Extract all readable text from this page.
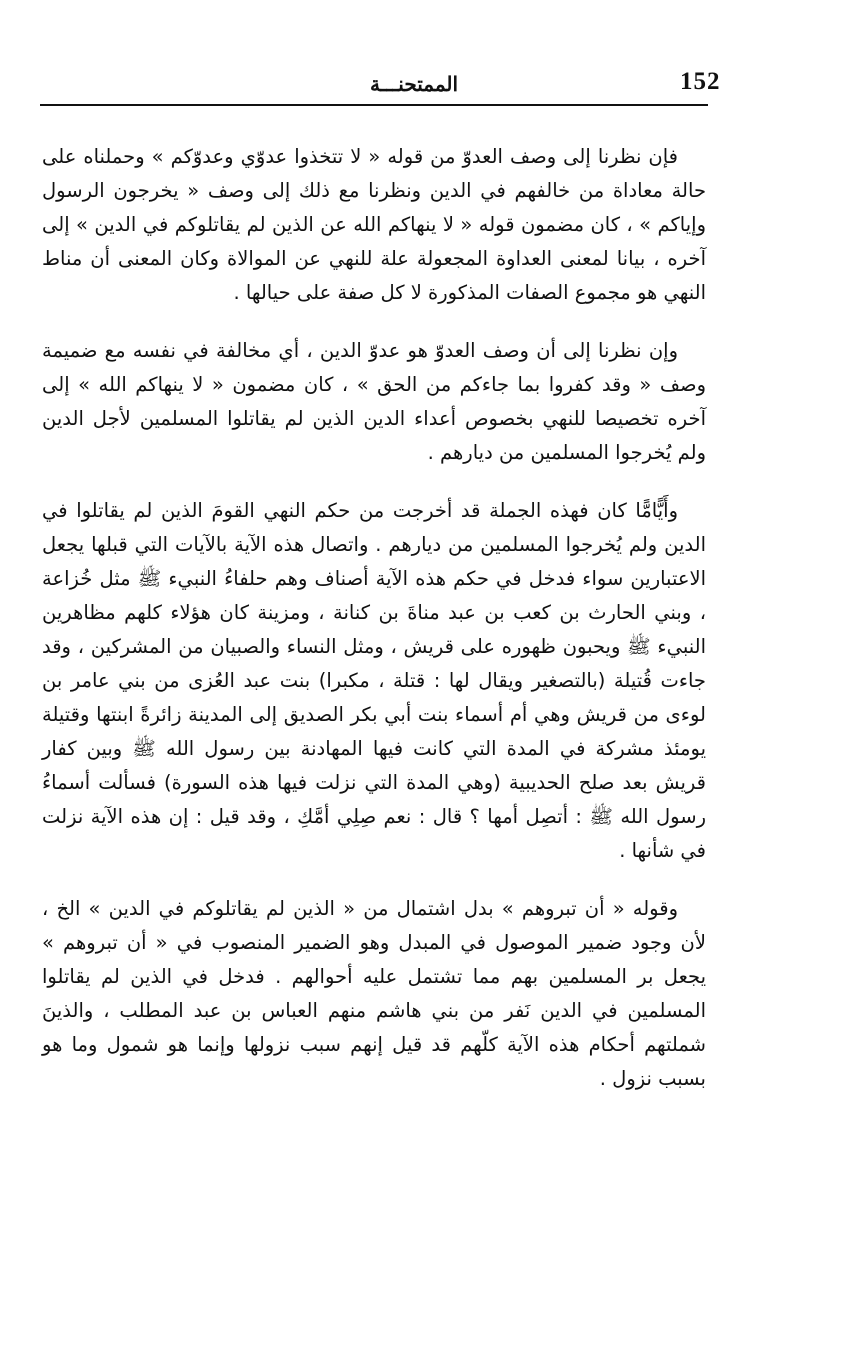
152
الممتحنـــة

فإن نظرنا إلى وصف العدوّ من قوله « لا تتخذوا عدوّي وعدوّكم » وحملناه على حالة معاداة من خالفهم في الدين ونظرنا مع ذلك إلى وصف « يخرجون الرسول وإياكم » ، كان مضمون قوله « لا ينهاكم الله عن الذين لم يقاتلوكم في الدين » إلى آخره ، بيانا لمعنى العداوة المجعولة علة للنهي عن الموالاة وكان المعنى أن مناط النهي هو مجموع الصفات المذكورة لا كل صفة على حيالها .

وإن نظرنا إلى أن وصف العدوّ هو عدوّ الدين ، أي مخالفة في نفسه مع ضميمة وصف « وقد كفروا بما جاءكم من الحق » ، كان مضمون « لا ينهاكم الله » إلى آخره تخصيصا للنهي بخصوص أعداء الدين الذين لم يقاتلوا المسلمين لأجل الدين ولم يُخرجوا المسلمين من ديارهم .

وأَيًّامًّا كان فهذه الجملة قد أخرجت من حكم النهي القومَ الذين لم يقاتلوا في الدين ولم يُخرجوا المسلمين من ديارهم . واتصال هذه الآية بالآيات التي قبلها يجعل الاعتبارين سواء فدخل في حكم هذه الآية أصناف وهم حلفاءُ النبيء ﷺ مثل خُزاعة ، وبني الحارث بن كعب بن عبد مناةَ بن كنانة ، ومزينة كان هؤلاء كلهم مظاهرين النبيء ﷺ ويحبون ظهوره على قريش ، ومثل النساء والصبيان من المشركين ، وقد جاءت قُتيلة (بالتصغير ويقال لها : قتلة ، مكبرا) بنت عبد العُزى من بني عامر بن لوءى من قريش وهي أم أسماء بنت أبي بكر الصديق إلى المدينة زائرةً ابنتها وقتيلة يومئذ مشركة في المدة التي كانت فيها المهادنة بين رسول الله ﷺ وبين كفار قريش بعد صلح الحديبية (وهي المدة التي نزلت فيها هذه السورة) فسألت أسماءُ رسول الله ﷺ : أتصِل أمها ؟ قال : نعم صِلِي أمَّكِ ، وقد قيل : إن هذه الآية نزلت في شأنها .

وقوله « أن تبروهم » بدل اشتمال من « الذين لم يقاتلوكم في الدين » الخ ، لأن وجود ضمير الموصول في المبدل وهو الضمير المنصوب في « أن تبروهم » يجعل بر المسلمين بهم مما تشتمل عليه أحوالهم . فدخل في الذين لم يقاتلوا المسلمين في الدين نَفر من بني هاشم منهم العباس بن عبد المطلب ، والذينَ شملتهم أحكام هذه الآية كلّهم قد قيل إنهم سبب نزولها وإنما هو شمول وما هو بسبب نزول .
